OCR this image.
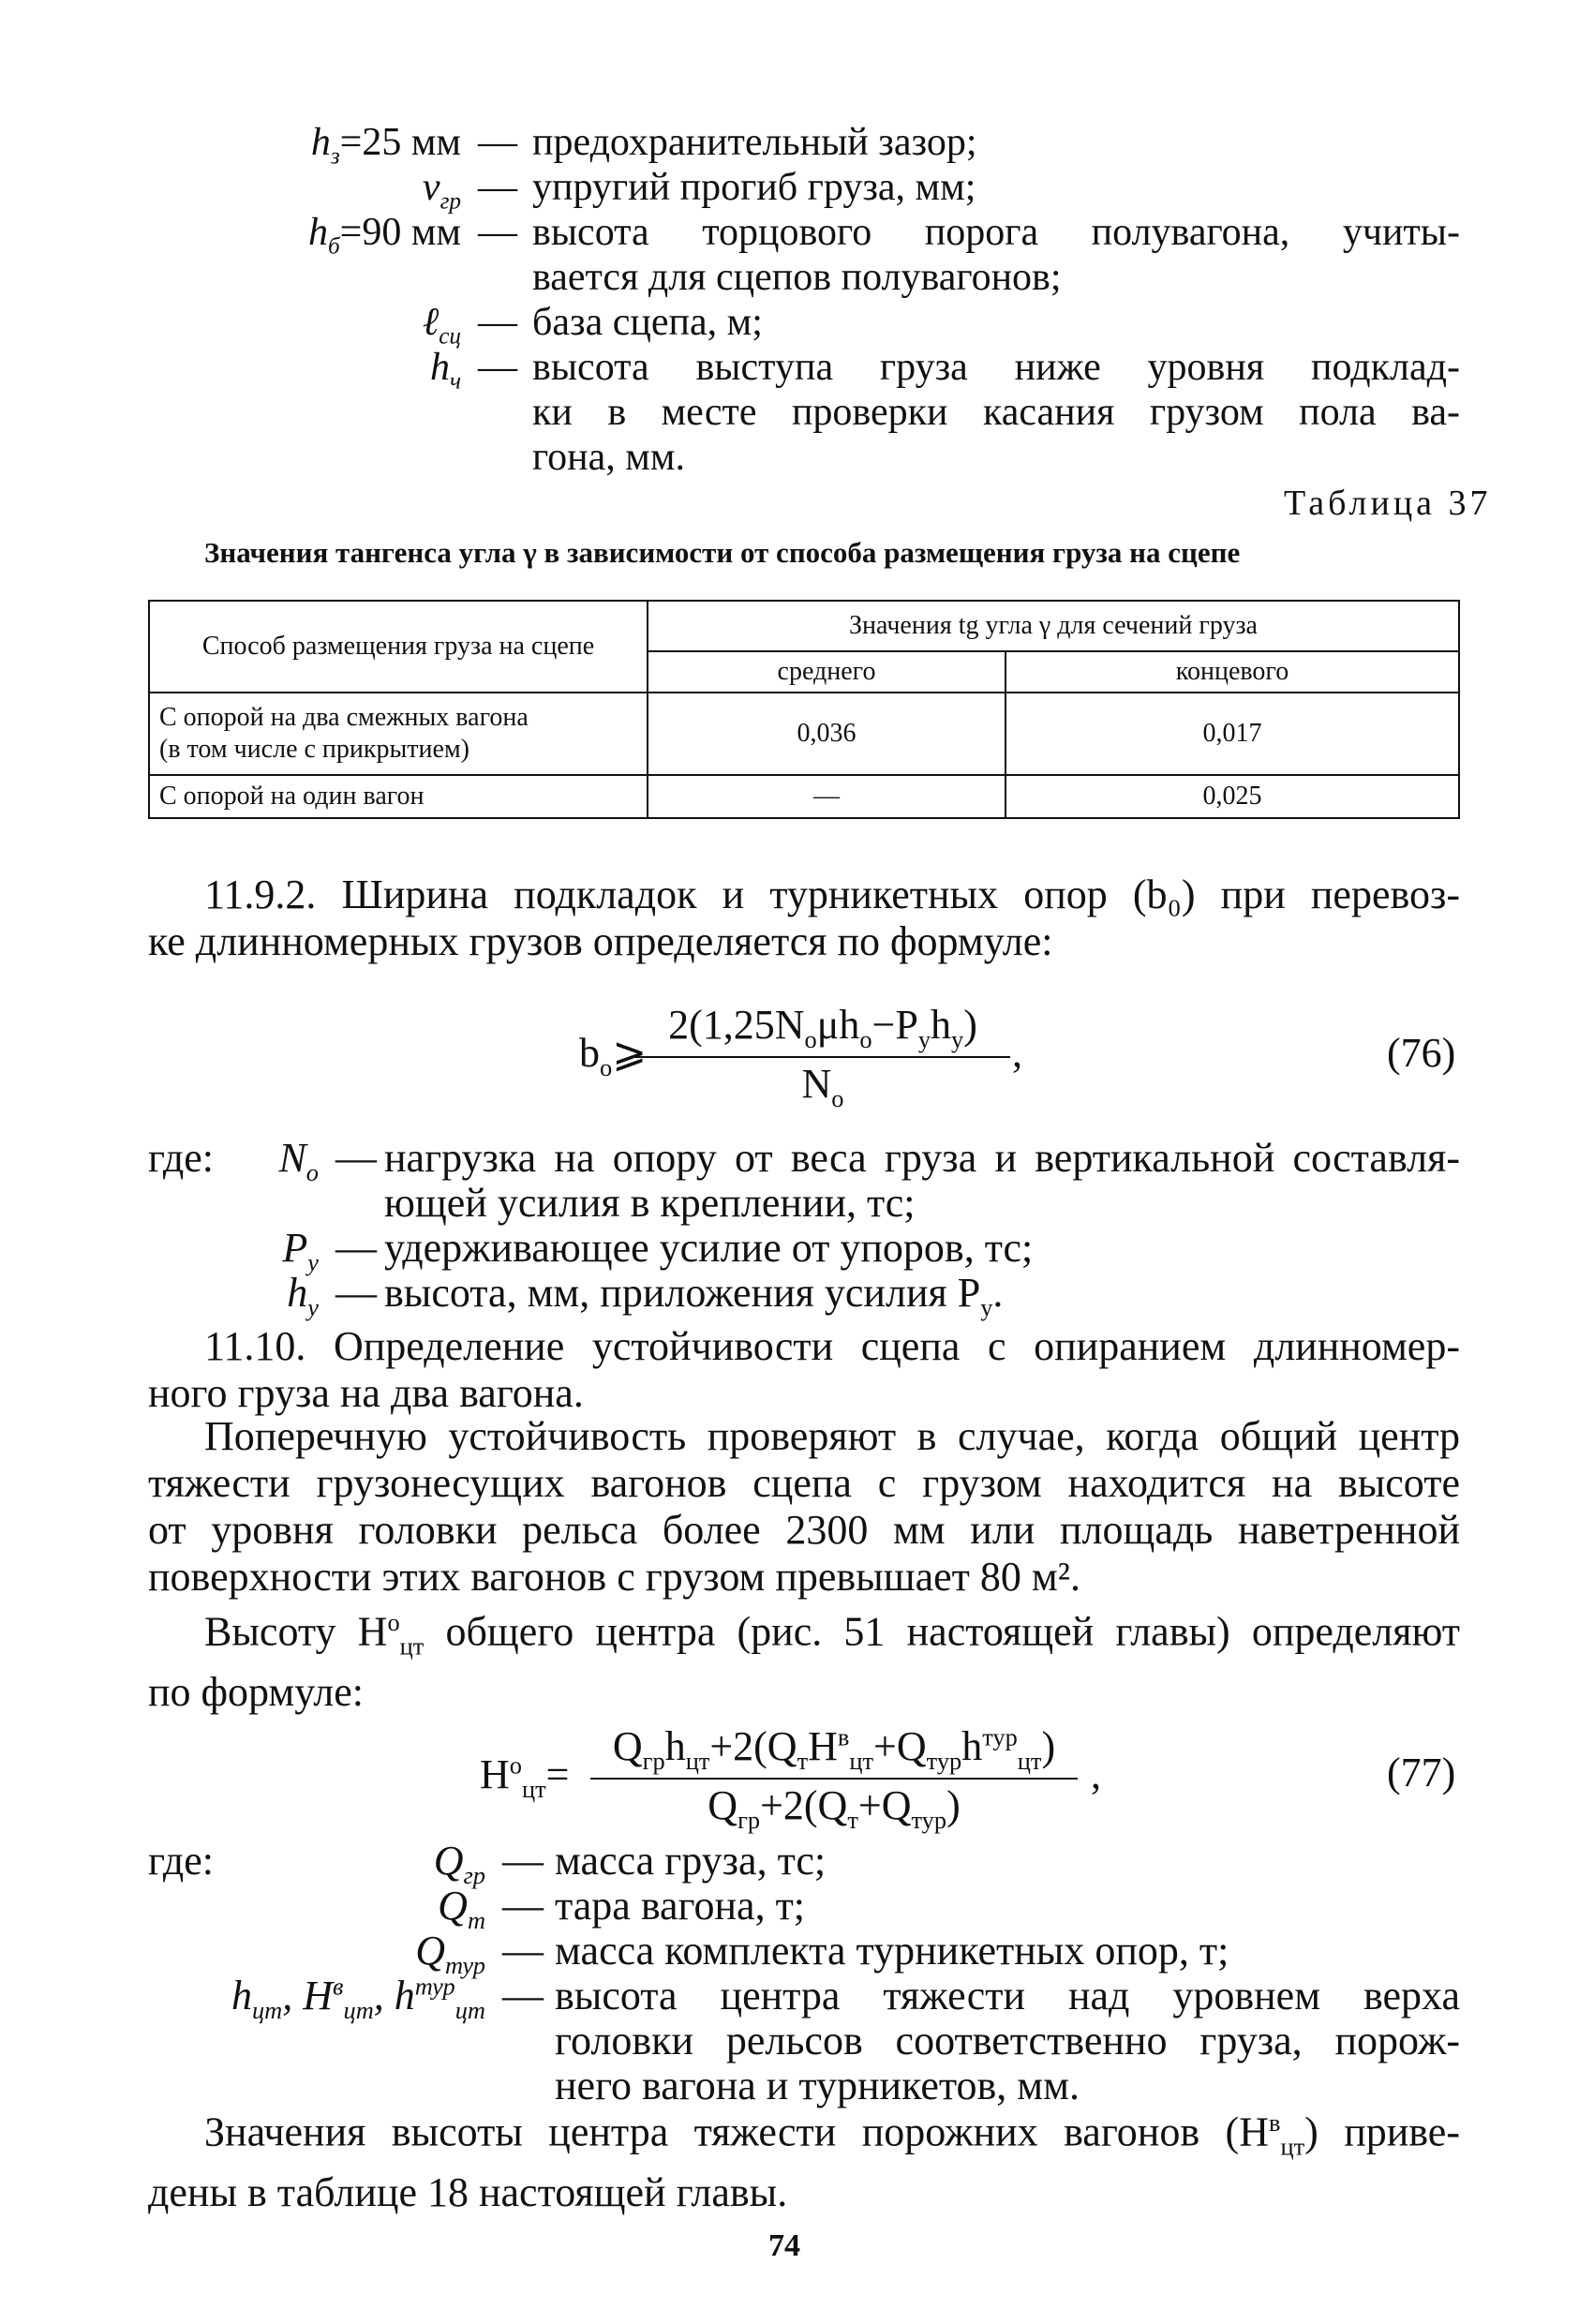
$h_з=25$ мм — предохранительный зазор;
$\nu_{гр}$ — упругий прогиб груза, мм;
$h_б=90$ мм — высота торцового порога полувагона, учиты-
вается для сцепов полувагонов;
ℓ$_{сц}$ — база сцепа, м;
$h_ч$ — высота выступа груза ниже уровня подклад-
ки в месте проверки касания грузом пола ва-
гона, мм.
Таблица 37
Значения тангенса угла γ в зависимости от способа размещения груза на сцепе
Способ размещения груза на сцепе	Значения tg угла γ для сечений груза	
	среднего	концевого

С опорой на два смежных вагона
(в том числе с прикрытием)	0,036	0,017
С опорой на один вагон	—	0,025
11.9.2. Ширина подкладок и турникетных опор (b₀) при перевоз-
ке длинномерных грузов определяется по формуле:
$b_o⩾$
$2(1,25N_o\mu h_o-P_yh_y)$
$N_o$
,	(76)
где:	$N_o$ — нагрузка на опору от веса груза и вертикальной составля-
ющей усилия в креплении, тс;
$P_y$ — удерживающее усилие от упоров, тс;
$h_y$ — высота, мм, приложения усилия $P_y$.
11.10. Определение устойчивости сцепа с опиранием длинномер-
ного груза на два вагона.
Поперечную устойчивость проверяют в случае, когда общий центр
тяжести грузонесущих вагонов сцепа с грузом находится на высоте
от уровня головки рельса более 2300 мм или площадь наветренной
поверхности этих вагонов с грузом превышает 80 м².
Высоту $H^о_{цт}$ общего центра (рис. 51 настоящей главы) определяют
по формуле:
$H^о_{цт}=$
$Q_{гр}h_{цт}+2(Q_тH^в_{цт}+Q_{тур}h^{тур}_{цт})$
$Q_{гр}+2(Q_т+Q_{тур})$
,	(77)
где:	$Q_{гр}$ — масса груза, тс;
$Q_т$ — тара вагона, т;
$Q_{тур}$ — масса комплекта турникетных опор, т;
$h_{цт}$, $H^в_{цт}$, $h^{тур}_{цт}$ — высота центра тяжести над уровнем верха
головки рельсов соответственно груза, порож-
него вагона и турникетов, мм.
Значения высоты центра тяжести порожних вагонов $(H^в_{цт})$ приве-
дены в таблице 18 настоящей главы.
74
